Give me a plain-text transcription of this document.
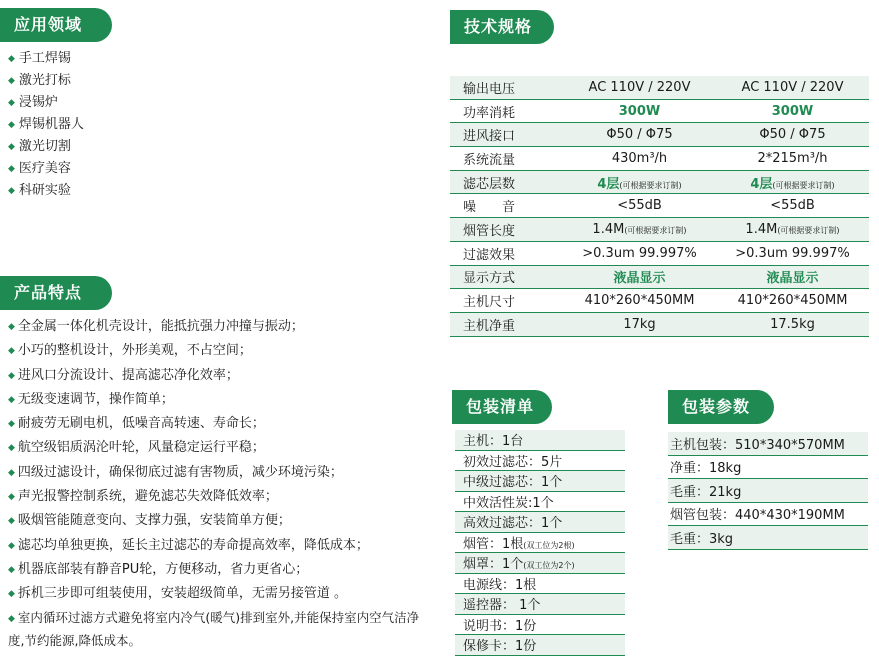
应用领域
产品特点
技术规格
包装清单	包装参数
◆ 手工焊锡
◆ 激光打标
◆ 浸锡炉
◆ 焊锡机器人
◆ 激光切割
◆ 医疗美容
◆ 科研实验
◆ 全金属一体化机壳设计，能抵抗强力冲撞与振动；
◆ 小巧的整机设计，外形美观，不占空间；
◆ 进风口分流设计、提高滤芯净化效率；
◆ 无级变速调节，操作简单；
◆ 耐疲劳无刷电机，低噪音高转速、寿命长；
◆ 航空级铝质涡沦叶轮，风量稳定运行平稳；
◆ 四级过滤设计，确保彻底过滤有害物质，减少环境污染；
◆ 声光报警控制系统，避免滤芯失效降低效率；
◆ 吸烟管能随意变向、支撑力强，安装简单方便；
◆ 滤芯均单独更换，延长主过滤芯的寿命提高效率，降低成本；
◆ 机器底部装有静音PU轮，方便移动，省力更省心；
◆ 拆机三步即可组装使用，安装超级简单，无需另接管道 。
◆ 室内循环过滤方式避免将室内冷气(暖气)排到室外,并能保持室内空气洁净度,节约能源,降低成本。
输出电压	AC 110V / 220V	AC 110V / 220V
功率消耗	300W	300W
进风接口	Φ50 / Φ75	Φ50 / Φ75
系统流量	430m³/h	2*215m³/h
滤芯层数	4层(可根据要求订制)	4层(可根据要求订制)
噪　　音	<55dB	<55dB
烟管长度	1.4M(可根据要求订制)	1.4M(可根据要求订制)
过滤效果	>0.3um 99.997%	>0.3um 99.997%
显示方式	液晶显示	液晶显示
主机尺寸	410*260*450MM	410*260*450MM
主机净重	17kg	17.5kg
主机：1台
初效过滤芯：5片
中级过滤芯：1个
中效活性炭:1个
高效过滤芯：1个
烟管：1根(双工位为2根)
烟罩：1个(双工位为2个)
电源线：1根
遥控器： 1个
说明书：1份
保修卡：1份
主机包装：510*340*570MM
净重：18kg
毛重：21kg
烟管包装：440*430*190MM
毛重：3kg
